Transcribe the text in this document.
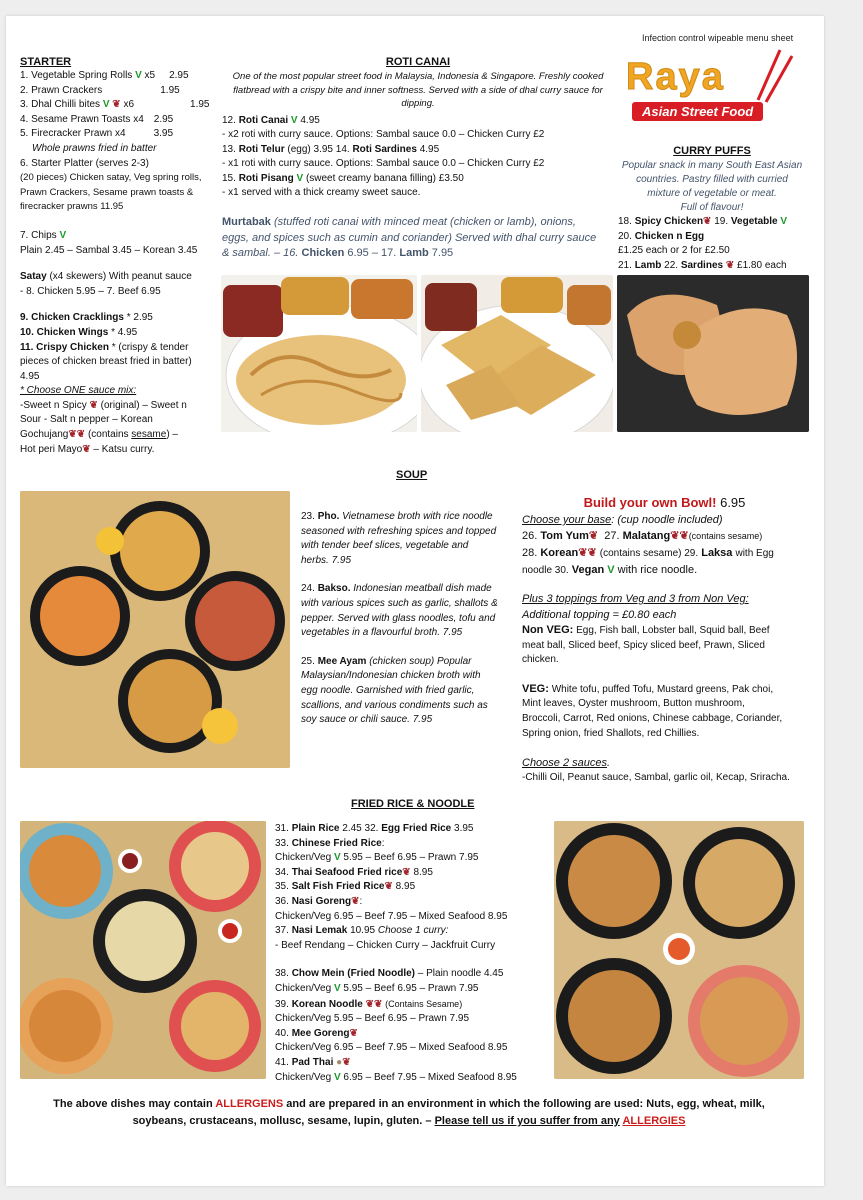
Infection control wipeable menu sheet
Raya
Asian Street Food
STARTER
1. Vegetable Spring Rolls V x5 2.95
2. Prawn Crackers	1.95
3. Dhal Chilli bites V ❦ x6	1.95
4. Sesame Prawn Toasts x4 2.95
5. Firecracker Prawn x4	3.95
Whole prawns fried in batter
6. Starter Platter (serves 2-3)
(20 pieces) Chicken satay, Veg spring rolls,
Prawn Crackers, Sesame prawn toasts &
firecracker prawns 11.95
7. Chips V
Plain 2.45 – Sambal 3.45 – Korean 3.45
Satay (x4 skewers) With peanut sauce
- 8. Chicken 5.95 – 7. Beef 6.95
9. Chicken Cracklings * 2.95
10. Chicken Wings * 4.95
11. Crispy Chicken * (crispy & tender
pieces of chicken breast fried in batter)
4.95
* Choose ONE sauce mix:
-Sweet n Spicy ❦ (original) – Sweet n
Sour - Salt n pepper – Korean
Gochujang❦❦ (contains sesame) –
Hot peri Mayo❦ – Katsu curry.
ROTI CANAI
One of the most popular street food in Malaysia, Indonesia & Singapore. Freshly cooked
flatbread with a crispy bite and inner softness. Served with a side of dhal curry sauce for
dipping.
12. Roti Canai V 4.95
- x2 roti with curry sauce. Options: Sambal sauce 0.0 – Chicken Curry £2
13. Roti Telur (egg) 3.95 14. Roti Sardines 4.95
- x1 roti with curry sauce. Options: Sambal sauce 0.0 – Chicken Curry £2
15. Roti Pisang V (sweet creamy banana filling) £3.50
- x1 served with a thick creamy sweet sauce.
Murtabak (stuffed roti canai with minced meat (chicken or lamb), onions,
eggs, and spices such as cumin and coriander) Served with dhal curry sauce
& sambal. – 16. Chicken 6.95 – 17. Lamb 7.95
CURRY PUFFS
Popular snack in many South East Asian
countries. Pastry filled with curried
mixture of vegetable or meat.
Full of flavour!
18. Spicy Chicken❦ 19. Vegetable V
20. Chicken n Egg
£1.25 each or 2 for £2.50
21. Lamb 22. Sardines ❦ £1.80 each
SOUP
23. Pho. Vietnamese broth with rice noodle
seasoned with refreshing spices and topped
with tender beef slices, vegetable and
herbs. 7.95
24. Bakso. Indonesian meatball dish made
with various spices such as garlic, shallots &
pepper. Served with glass noodles, tofu and
vegetables in a flavourful broth. 7.95
25. Mee Ayam (chicken soup) Popular
Malaysian/Indonesian chicken broth with
egg noodle. Garnished with fried garlic,
scallions, and various condiments such as
soy sauce or chili sauce. 7.95
Build your own Bowl! 6.95
Choose your base: (cup noodle included)
26. Tom Yum❦ 27. Malatang❦❦(contains sesame)
28. Korean❦❦ (contains sesame) 29. Laksa with Egg
noodle 30. Vegan V with rice noodle.
Plus 3 toppings from Veg and 3 from Non Veg:
Additional topping = £0.80 each
Non VEG: Egg, Fish ball, Lobster ball, Squid ball, Beef
meat ball, Sliced beef, Spicy sliced beef, Prawn, Sliced
chicken.
VEG: White tofu, puffed Tofu, Mustard greens, Pak choi,
Mint leaves, Oyster mushroom, Button mushroom,
Broccoli, Carrot, Red onions, Chinese cabbage, Coriander,
Spring onion, fried Shallots, red Chillies.
Choose 2 sauces.
-Chilli Oil, Peanut sauce, Sambal, garlic oil, Kecap, Sriracha.
FRIED RICE & NOODLE
31. Plain Rice 2.45 32. Egg Fried Rice 3.95
33. Chinese Fried Rice:
Chicken/Veg V 5.95 – Beef 6.95 – Prawn 7.95
34. Thai Seafood Fried rice❦ 8.95
35. Salt Fish Fried Rice❦ 8.95
36. Nasi Goreng❦:
Chicken/Veg 6.95 – Beef 7.95 – Mixed Seafood 8.95
37. Nasi Lemak 10.95 Choose 1 curry:
- Beef Rendang – Chicken Curry – Jackfruit Curry
38. Chow Mein (Fried Noodle) – Plain noodle 4.45
Chicken/Veg V 5.95 – Beef 6.95 – Prawn 7.95
39. Korean Noodle ❦❦ (Contains Sesame)
Chicken/Veg 5.95 – Beef 6.95 – Prawn 7.95
40. Mee Goreng❦
Chicken/Veg 6.95 – Beef 7.95 – Mixed Seafood 8.95
41. Pad Thai ●❦
Chicken/Veg V 6.95 – Beef 7.95 – Mixed Seafood 8.95
The above dishes may contain ALLERGENS and are prepared in an environment in which the following are used: Nuts, egg, wheat, milk,
soybeans, crustaceans, mollusc, sesame, lupin, gluten. – Please tell us if you suffer from any ALLERGIES
